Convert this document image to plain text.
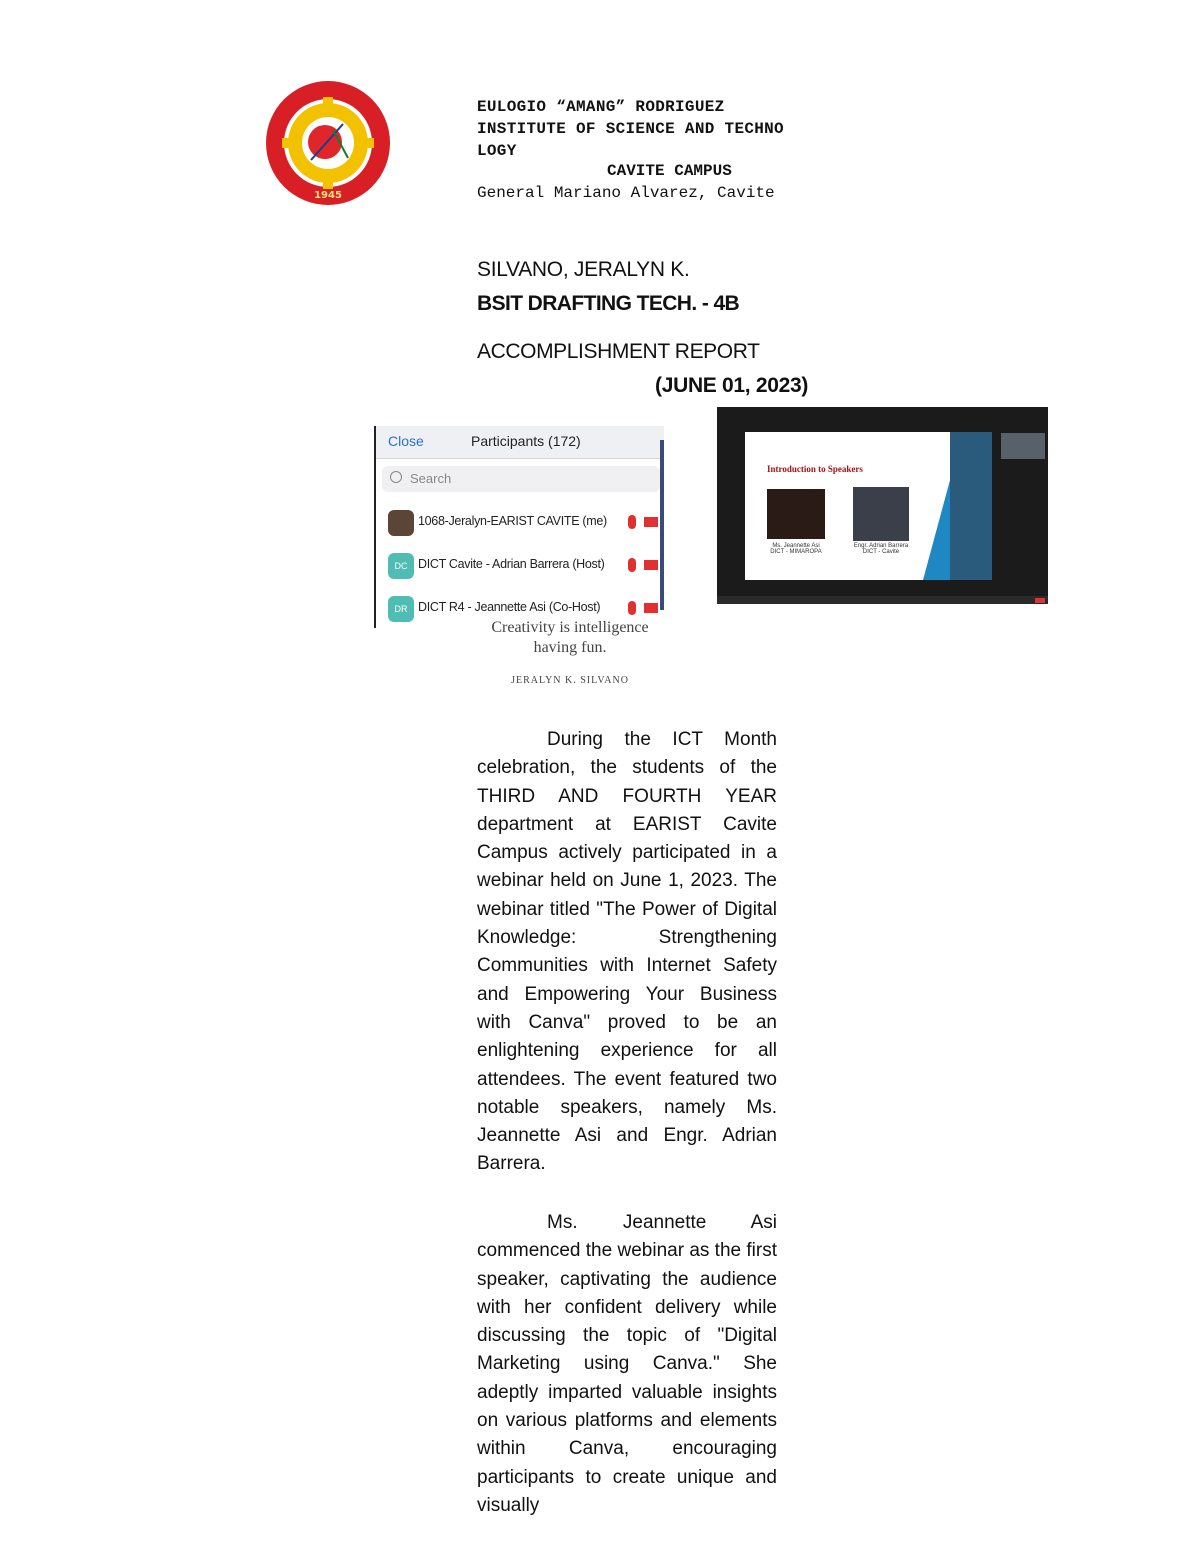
1945
EULOGIO “AMANG” RODRIGUEZ
INSTITUTE OF SCIENCE AND TECHNO
LOGY
CAVITE CAMPUS
General Mariano Alvarez, Cavite
SILVANO, JERALYN K.
BSIT DRAFTING TECH. - 4B
ACCOMPLISHMENT REPORT
(JUNE 01, 2023)
Close	Participants (172)
Search
1068-Jeralyn-EARIST CAVITE (me)
DC DICT Cavite - Adrian Barrera (Host)
DR DICT R4 - Jeannette Asi (Co-Host)
Creativity is intelligence
having fun.
JERALYN K. SILVANO
Introduction to Speakers
Ms. Jeannette Asi
DICT - MIMAROPA
Engr. Adrian Barrera
DICT - Cavite
During the ICT Month celebration, the students of the THIRD AND FOURTH YEAR department at EARIST Cavite Campus actively participated in a webinar held on June 1, 2023. The webinar titled "The Power of Digital Knowledge: Strengthening Communities with Internet Safety and Empowering Your Business with Canva" proved to be an enlightening experience for all attendees. The event featured two notable speakers, namely Ms. Jeannette Asi and Engr. Adrian Barrera.
Ms. Jeannette Asi commenced the webinar as the first speaker, captivating the audience with her confident delivery while discussing the topic of "Digital Marketing using Canva." She adeptly imparted valuable insights on various platforms and elements within Canva, encouraging participants to create unique and visually
